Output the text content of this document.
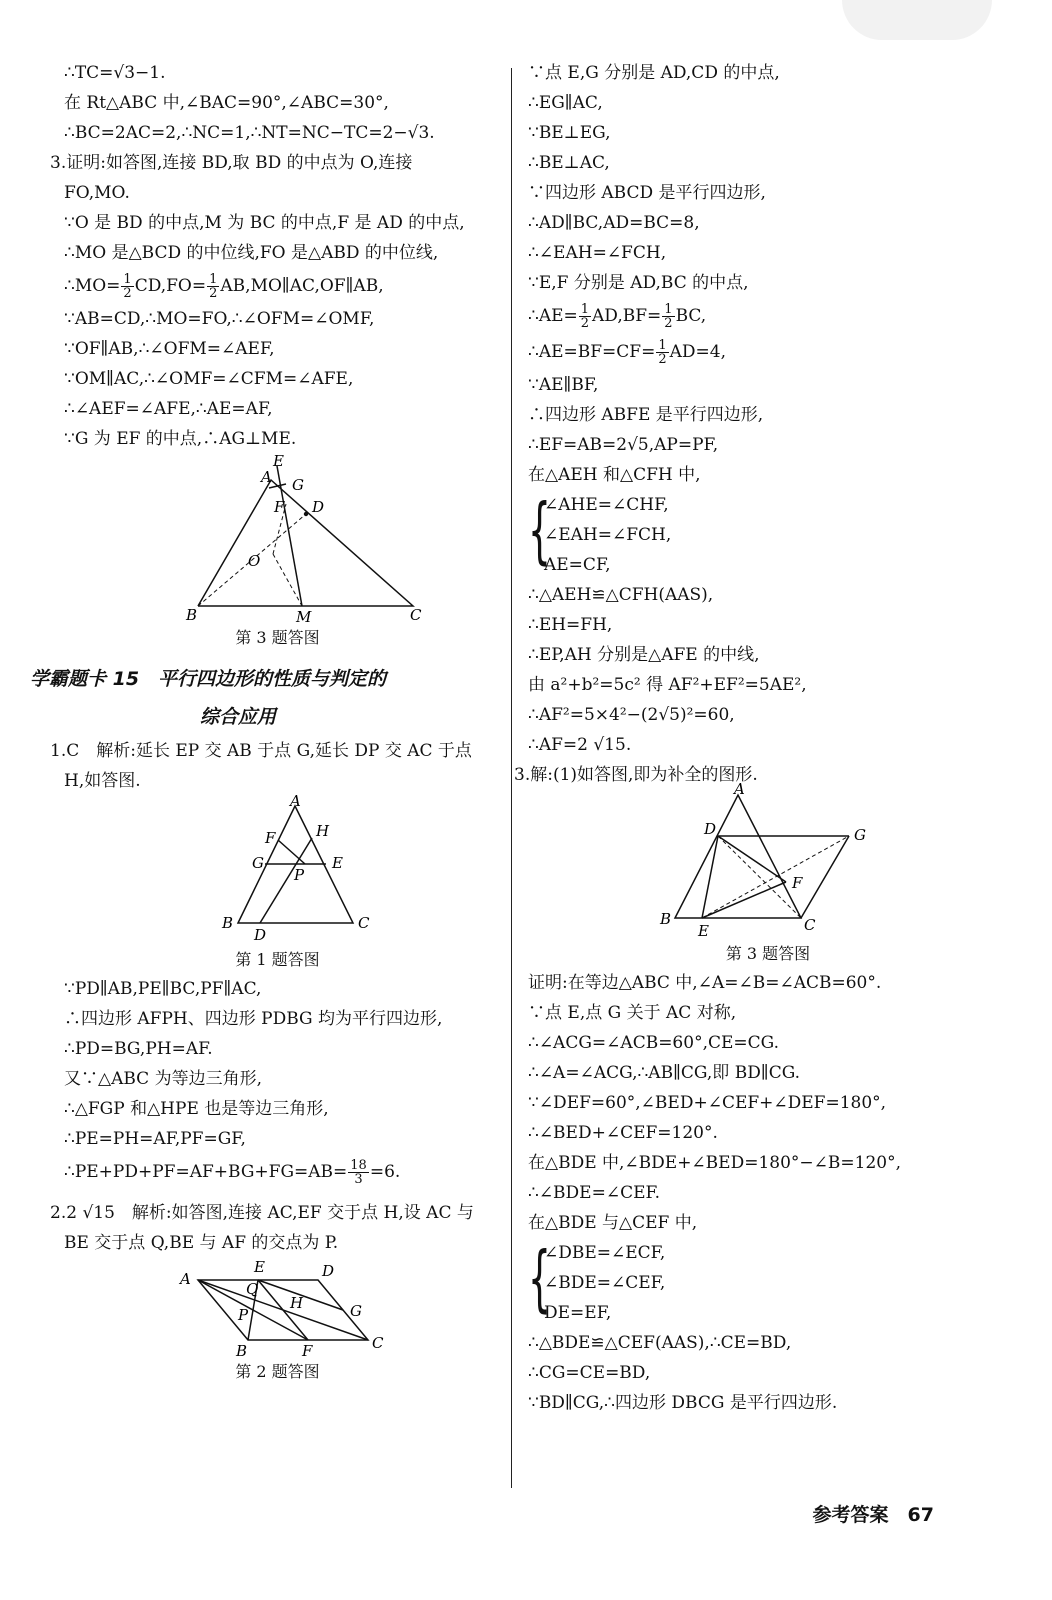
∴TC=√3−1.
在 Rt△ABC 中,∠BAC=90°,∠ABC=30°,
∴BC=2AC=2,∴NC=1,∴NT=NC−TC=2−√3.
3.证明:如答图,连接 BD,取 BD 的中点为 O,连接
FO,MO.
∵O 是 BD 的中点,M 为 BC 的中点,F 是 AD 的中点,
∴MO 是△BCD 的中位线,FO 是△ABD 的中位线,
∴MO= $\frac{1}{2} CD,FO= \frac{1}{2}$ AB,MO∥AC,OF∥AB,
∵AB=CD,∴MO=FO,∴∠OFM=∠OMF,
∵OF∥AB,∴∠OFM=∠AEF,
∵OM∥AC,∴∠OMF=∠CFM=∠AFE,
∴∠AEF=∠AFE,∴AE=AF,
∵G 为 EF 的中点,∴AG⊥ME.
A
E
G
D
F
O
B	M	C
第 3 题答图
学霸题卡 15　平行四边形的性质与判定的
综合应用
1.C　解析:延长 EP 交 AB 于点 G,延长 DP 交 AC 于点
H,如答图.
A
H
F
G
P
E
B
D
C
第 1 题答图
∵PD∥AB,PE∥BC,PF∥AC,
∴四边形 AFPH、四边形 PDBG 均为平行四边形,
∴PD=BG,PH=AF.
又∵△ABC 为等边三角形,
∴△FGP 和△HPE 也是等边三角形,
∴PE=PH=AF,PF=GF,
∴PE+PD+PF=AF+BG+FG=AB= $\frac{18}{3} =6$.
2.2 √15　解析:如答图,连接 AC,EF 交于点 H,设 AC 与
BE 交于点 Q,BE 与 AF 的交点为 P.
A
E	D
Q
H	G
P
B	F	C
第 2 题答图
∵点 E,G 分别是 AD,CD 的中点,
∴EG∥AC,
∵BE⊥EG,
∴BE⊥AC,
∵四边形 ABCD 是平行四边形,
∴AD∥BC,AD=BC=8,
∴∠EAH=∠FCH,
∵E,F 分别是 AD,BC 的中点,
∴AE= $\frac{1}{2} AD,BF= \frac{1}{2}$ BC,
∴AE=BF=CF= $\frac{1}{2} AD=4$,
∵AE∥BF,
∴四边形 ABFE 是平行四边形,
∴EF=AB=2√5,AP=PF,
在△AEH 和△CFH 中,
{
∠AHE=∠CHF,
∠EAH=∠FCH,
AE=CF,
∴△AEH≌△CFH(AAS),
∴EH=FH,
∴EP,AH 分别是△AFE 的中线,
由 a²+b²=5c² 得 AF²+EF²=5AE²,
∴AF²=5×4²−(2√5)²=60,
∴AF=2 √15.
3.解:(1)如答图,即为补全的图形.
A
D	G
F
B
E	C
第 3 题答图
证明:在等边△ABC 中,∠A=∠B=∠ACB=60°.
∵点 E,点 G 关于 AC 对称,
∴∠ACG=∠ACB=60°,CE=CG.
∴∠A=∠ACG,∴AB∥CG,即 BD∥CG.
∵∠DEF=60°,∠BED+∠CEF+∠DEF=180°,
∴∠BED+∠CEF=120°.
在△BDE 中,∠BDE+∠BED=180°−∠B=120°,
∴∠BDE=∠CEF.
在△BDE 与△CEF 中,
{
∠DBE=∠ECF,
∠BDE=∠CEF,
DE=EF,
∴△BDE≌△CEF(AAS),∴CE=BD,
∴CG=CE=BD,
∵BD∥CG,∴四边形 DBCG 是平行四边形.
参考答案　67
